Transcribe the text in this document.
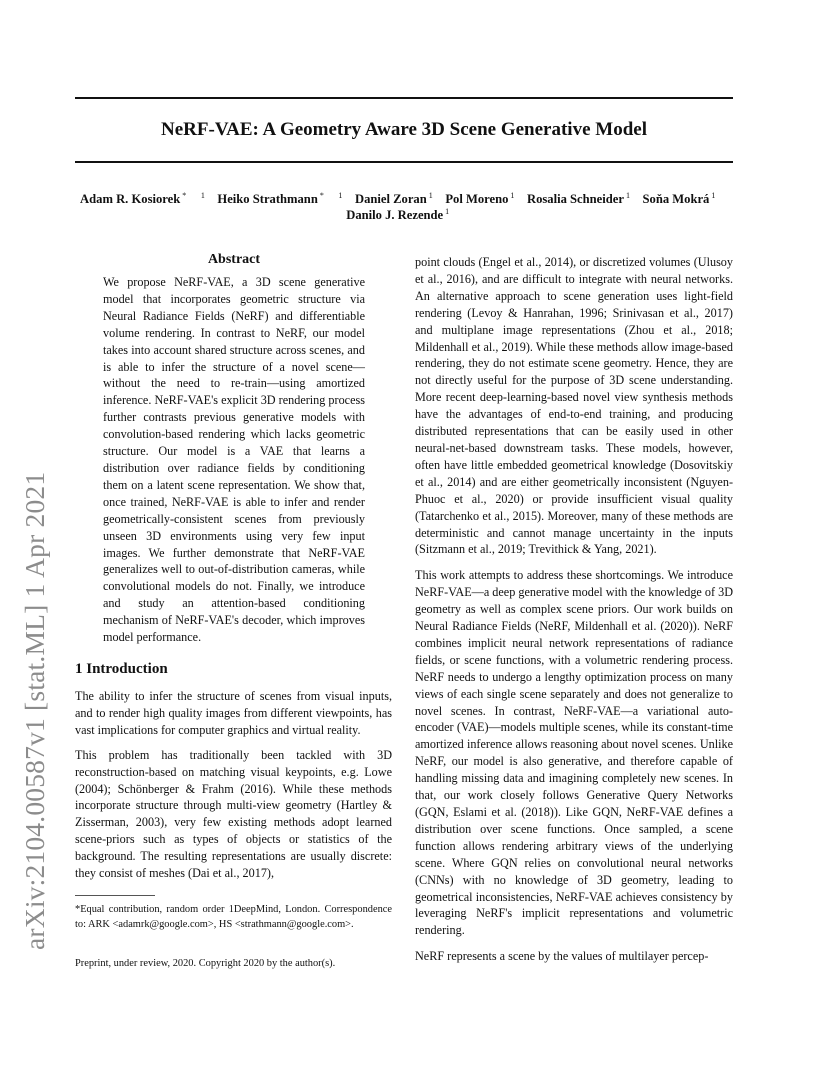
NeRF-VAE: A Geometry Aware 3D Scene Generative Model
Adam R. Kosiorek *  $^1$  Heiko Strathmann *  $^1$  Daniel Zoran $^1$  Pol Moreno $^1$  Rosalia Schneider $^1$  Soňa Mokrá $^1$ 
Danilo J. Rezende $^1$ 
arXiv:2104.00587v1 [stat.ML] 1 Apr 2021
Abstract

We propose NeRF-VAE, a 3D scene generative model that incorporates geometric structure via Neural Radiance Fields (NeRF) and differentiable volume rendering. In contrast to NeRF, our model takes into account shared structure across scenes, and is able to infer the structure of a novel scene—without the need to re-train—using amortized inference. NeRF-VAE's explicit 3D rendering process further contrasts previous generative models with convolution-based rendering which lacks geometric structure. Our model is a VAE that learns a distribution over radiance fields by conditioning them on a latent scene representation. We show that, once trained, NeRF-VAE is able to infer and render geometrically-consistent scenes from previously unseen 3D environments using very few input images. We further demonstrate that NeRF-VAE generalizes well to out-of-distribution cameras, while convolutional models do not. Finally, we introduce and study an attention-based conditioning mechanism of NeRF-VAE's decoder, which improves model performance.

1 Introduction

The ability to infer the structure of scenes from visual inputs, and to render high quality images from different viewpoints, has vast implications for computer graphics and virtual reality.

This problem has traditionally been tackled with 3D reconstruction-based on matching visual keypoints, e.g. Lowe (2004); Schönberger & Frahm (2016). While these methods incorporate structure through multi-view geometry (Hartley & Zisserman, 2003), very few existing methods adopt learned scene-priors such as types of objects or statistics of the background. The resulting representations are usually discrete: they consist of meshes (Dai et al., 2017),

*Equal contribution, random order 1DeepMind, London. Correspondence to: ARK <adamrk@google.com>, HS <strathmann@google.com>.
Preprint, under review, 2020. Copyright 2020 by the author(s).

point clouds (Engel et al., 2014), or discretized volumes (Ulusoy et al., 2016), and are difficult to integrate with neural networks. An alternative approach to scene generation uses light-field rendering (Levoy & Hanrahan, 1996; Srinivasan et al., 2017) and multiplane image representations (Zhou et al., 2018; Mildenhall et al., 2019). While these methods allow image-based rendering, they do not estimate scene geometry. Hence, they are not directly useful for the purpose of 3D scene understanding. More recent deep-learning-based novel view synthesis methods have the advantages of end-to-end training, and producing distributed representations that can be easily used in other neural-net-based downstream tasks. These models, however, often have little embedded geometrical knowledge (Dosovitskiy et al., 2014) and are either geometrically inconsistent (Nguyen-Phuoc et al., 2020) or provide insufficient visual quality (Tatarchenko et al., 2015). Moreover, many of these methods are deterministic and cannot manage uncertainty in the inputs (Sitzmann et al., 2019; Trevithick & Yang, 2021).

This work attempts to address these shortcomings. We introduce NeRF-VAE—a deep generative model with the knowledge of 3D geometry as well as complex scene priors. Our work builds on Neural Radiance Fields (NeRF, Mildenhall et al. (2020)). NeRF combines implicit neural network representations of radiance fields, or scene functions, with a volumetric rendering process. NeRF needs to undergo a lengthy optimization process on many views of each single scene separately and does not generalize to novel scenes. In contrast, NeRF-VAE—a variational auto-encoder (VAE)—models multiple scenes, while its constant-time amortized inference allows reasoning about novel scenes. Unlike NeRF, our model is also generative, and therefore capable of handling missing data and imagining completely new scenes. In that, our work closely follows Generative Query Networks (GQN, Eslami et al. (2018)). Like GQN, NeRF-VAE defines a distribution over scene functions. Once sampled, a scene function allows rendering arbitrary views of the underlying scene. Where GQN relies on convolutional neural networks (CNNs) with no knowledge of 3D geometry, leading to geometrical inconsistencies, NeRF-VAE achieves consistency by leveraging NeRF's implicit representations and volumetric rendering.

NeRF represents a scene by the values of multilayer percep-
